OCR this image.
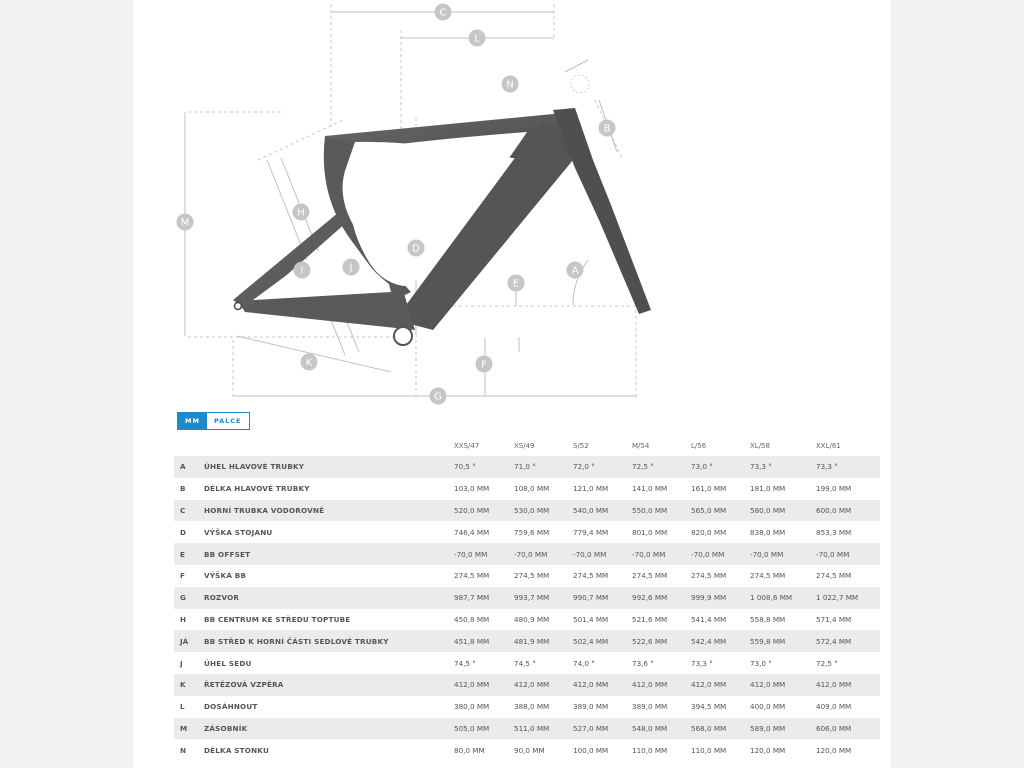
A
B
C
D
E
F
G
H
I	J
K
L
M
N
MM	PALCE
		XXS/47	XS/49	S/52	M/54	L/56	XL/58	XXL/61
A	ÚHEL HLAVOVÉ TRUBKY	70,5 °	71,0 °	72,0 °	72,5 °	73,0 °	73,3 °	73,3 °
B	DÉLKA HLAVOVÉ TRUBKY	103,0 MM	108,0 MM	121,0 MM	141,0 MM	161,0 MM	181,0 MM	199,0 MM
C	HORNÍ TRUBKA VODOROVNĚ	520,0 MM	530,0 MM	540,0 MM	550,0 MM	565,0 MM	580,0 MM	600,0 MM
D	VÝŠKA STOJANU	746,4 MM	759,6 MM	779,4 MM	801,0 MM	820,0 MM	838,0 MM	853,3 MM
E	BB OFFSET	-70,0 MM	-70,0 MM	-70,0 MM	-70,0 MM	-70,0 MM	-70,0 MM	-70,0 MM
F	VÝŠKA BB	274,5 MM	274,5 MM	274,5 MM	274,5 MM	274,5 MM	274,5 MM	274,5 MM
G	ROZVOR	987,7 MM	993,7 MM	990,7 MM	992,6 MM	999,9 MM	1 008,6 MM	1 022,7 MM
H	BB CENTRUM KE STŘEDU TOPTUBE	450,8 MM	480,9 MM	501,4 MM	521,6 MM	541,4 MM	558,8 MM	571,4 MM
JÁ	BB STŘED K HORNÍ ČÁSTI SEDLOVÉ TRUBKY	451,8 MM	481,9 MM	502,4 MM	522,6 MM	542,4 MM	559,8 MM	572,4 MM
J	ÚHEL SEDU	74,5 °	74,5 °	74,0 °	73,6 °	73,3 °	73,0 °	72,5 °
K	ŘETĚZOVÁ VZPĚRA	412,0 MM	412,0 MM	412,0 MM	412,0 MM	412,0 MM	412,0 MM	412,0 MM
L	DOSÁHNOUT	380,0 MM	388,0 MM	389,0 MM	389,0 MM	394,5 MM	400,0 MM	409,0 MM
M	ZÁSOBNÍK	505,0 MM	511,0 MM	527,0 MM	548,0 MM	568,0 MM	589,0 MM	606,0 MM
N	DÉLKA STONKU	80,0 MM	90,0 MM	100,0 MM	110,0 MM	110,0 MM	120,0 MM	120,0 MM
